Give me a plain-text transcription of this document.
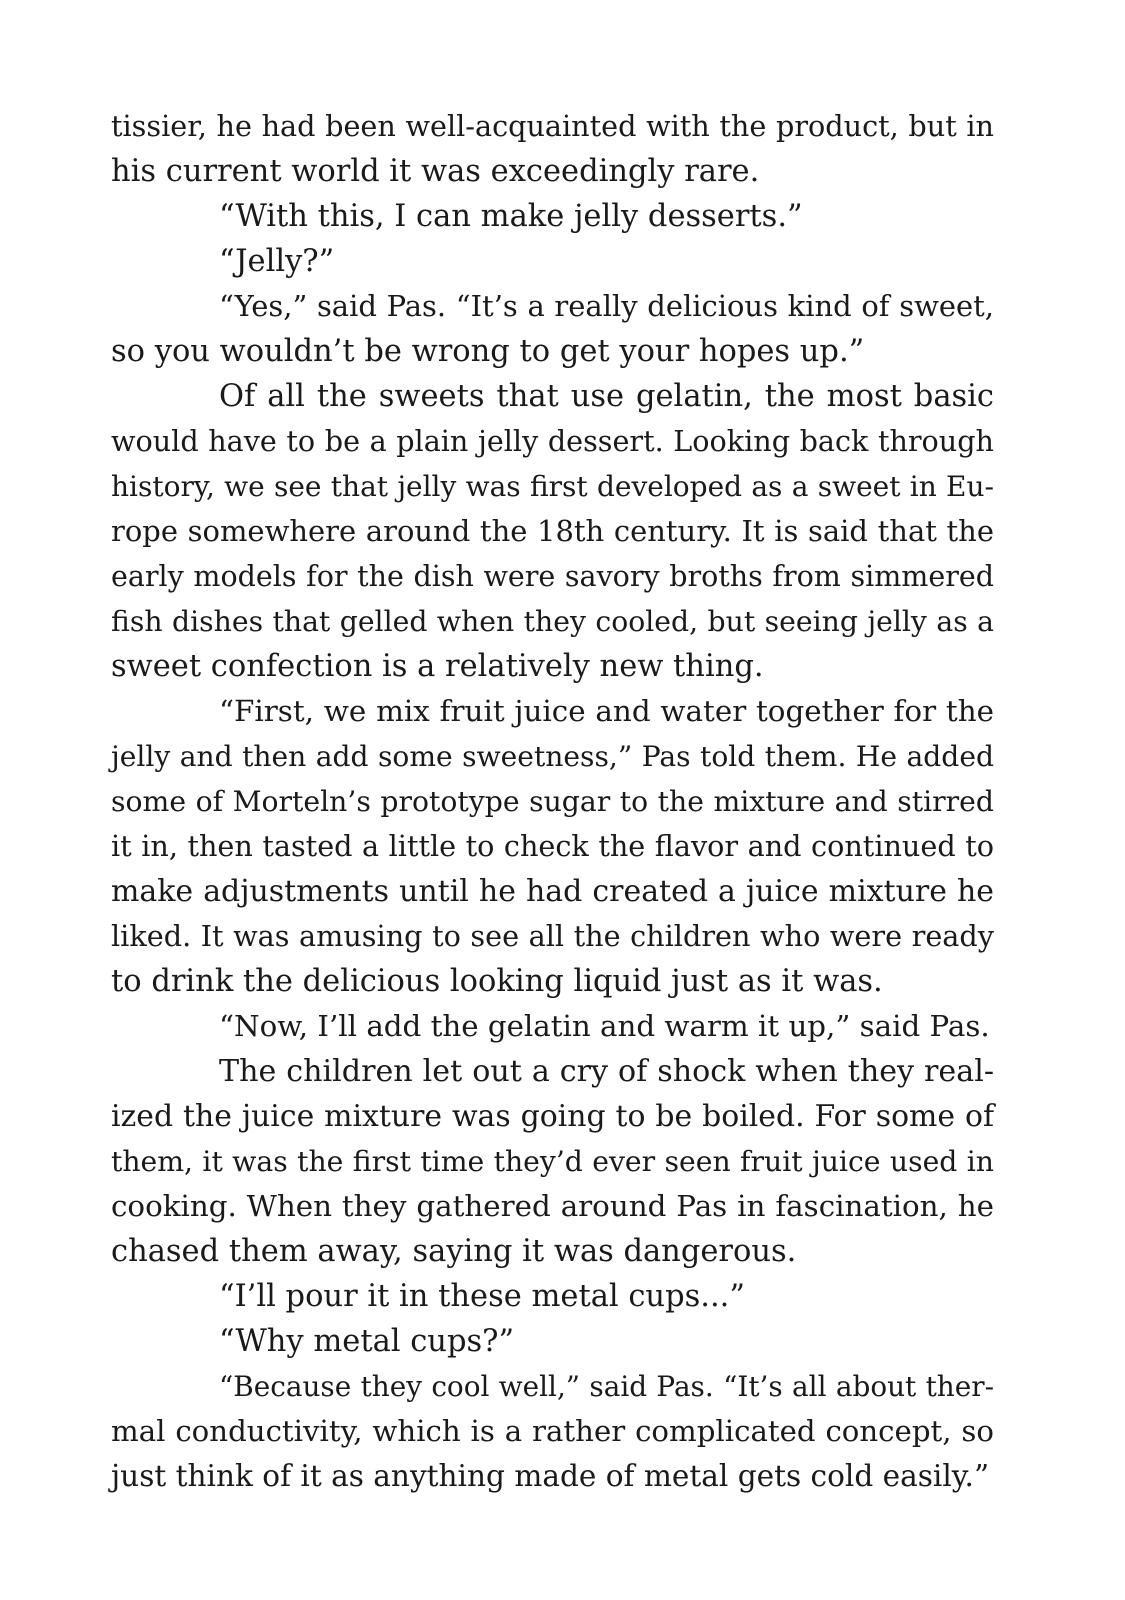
tissier, he had been well-acquainted with the product, but in
his current world it was exceedingly rare.
“With this, I can make jelly desserts.”
“Jelly?”
“Yes,” said Pas. “It’s a really delicious kind of sweet,
so you wouldn’t be wrong to get your hopes up.”
Of all the sweets that use gelatin, the most basic
would have to be a plain jelly dessert. Looking back through
history, we see that jelly was first developed as a sweet in Eu-
rope somewhere around the 18th century. It is said that the
early models for the dish were savory broths from simmered
fish dishes that gelled when they cooled, but seeing jelly as a
sweet confection is a relatively new thing.
“First, we mix fruit juice and water together for the
jelly and then add some sweetness,” Pas told them. He added
some of Morteln’s prototype sugar to the mixture and stirred
it in, then tasted a little to check the flavor and continued to
make adjustments until he had created a juice mixture he
liked. It was amusing to see all the children who were ready
to drink the delicious looking liquid just as it was.
“Now, I’ll add the gelatin and warm it up,” said Pas.
The children let out a cry of shock when they real-
ized the juice mixture was going to be boiled. For some of
them, it was the first time they’d ever seen fruit juice used in
cooking. When they gathered around Pas in fascination, he
chased them away, saying it was dangerous.
“I’ll pour it in these metal cups...”
“Why metal cups?”
“Because they cool well,” said Pas. “It’s all about ther-
mal conductivity, which is a rather complicated concept, so
just think of it as anything made of metal gets cold easily.”
